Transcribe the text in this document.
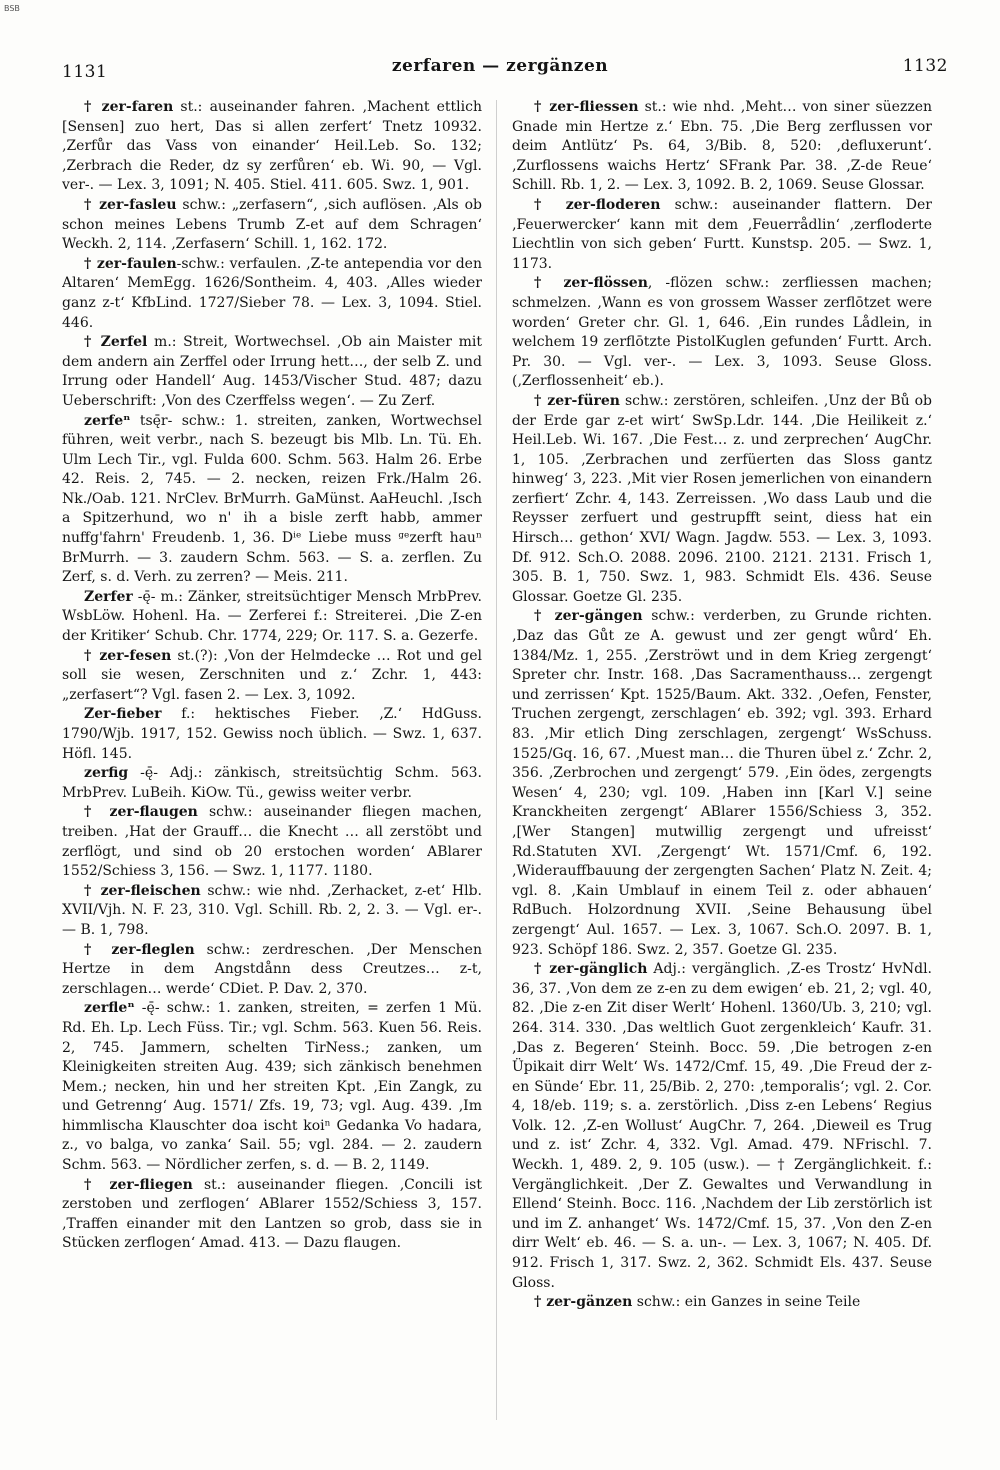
BSB
1131	zerfaren — zergänzen	1132

† zer-faren st.: auseinander fahren. ‚Machent ettlich [Sensen] zuo hert, Das si allen zerfert‘ Tnetz 10932. ‚Zerfůr das Vass von einander‘ Heil.Leb. So. 132; ‚Zerbrach die Reder, dz sy zerfůren‘ eb. Wi. 90, — Vgl. ver-. — Lex. 3, 1091; N. 405. Stiel. 411. 605. Swz. 1, 901.

† zer-fasleu schw.: „zerfasern“, ‚sich auflösen. ‚Als ob schon meines Lebens Trumb Z-et auf dem Schragen‘ Weckh. 2, 114. ‚Zerfasern‘ Schill. 1, 162. 172.

† zer-faulen-schw.: verfaulen. ‚Z-te antependia vor den Altaren‘ MemEgg. 1626/Sontheim. 4, 403. ‚Alles wieder ganz z-t‘ KfbLind. 1727/Sieber 78. — Lex. 3, 1094. Stiel. 446.

† Zerfel m.: Streit, Wortwechsel. ‚Ob ain Maister mit dem andern ain Zerffel oder Irrung hett…, der selb Z. und Irrung oder Handell‘ Aug. 1453/Vischer Stud. 487; dazu Ueberschrift: ‚Von des Czerffelss wegen‘. — Zu Zerf.

zerfeⁿ tsę̄r- schw.: 1. streiten, zanken, Wortwechsel führen, weit verbr., nach S. bezeugt bis Mlb. Ln. Tü. Eh. Ulm Lech Tir., vgl. Fulda 600. Schm. 563. Halm 26. Erbe 42. Reis. 2, 745. — 2. necken, reizen Frk./Halm 26. Nk./Oab. 121. NrClev. BrMurrh. GaMünst. AaHeuchl. ‚Isch a Spitzerhund, wo n' ih a bisle zerft habb, ammer nuffg'fahrn' Freudenb. 1, 36. Dⁱᵉ Liebe muss ᵍᵉzerft hauⁿ BrMurrh. — 3. zaudern Schm. 563. — S. a. zerflen. Zu Zerf, s. d. Verh. zu zerren? — Meis. 211.

Zerfer -ę̄- m.: Zänker, streitsüchtiger Mensch MrbPrev. WsbLöw. Hohenl. Ha. — Zerferei f.: Streiterei. ‚Die Z-en der Kritiker‘ Schub. Chr. 1774, 229; Or. 117. S. a. Gezerfe.

† zer-fesen st.(?): ‚Von der Helmdecke … Rot und gel soll sie wesen, Zerschniten und z.‘ Zchr. 1, 443: „zerfasert“? Vgl. fasen 2. — Lex. 3, 1092.

Zer-fieber f.: hektisches Fieber. ‚Z.‘ HdGuss. 1790/Wjb. 1917, 152. Gewiss noch üblich. — Swz. 1, 637. Höfl. 145.

zerfig -ę̄- Adj.: zänkisch, streitsüchtig Schm. 563. MrbPrev. LuBeih. KiOw. Tü., gewiss weiter verbr.

† zer-flaugen schw.: auseinander fliegen machen, treiben. ‚Hat der Grauff… die Knecht … all zerstöbt und zerflögt, und sind ob 20 erstochen worden‘ ABlarer 1552/Schiess 3, 156. — Swz. 1, 1177. 1180.

† zer-fleischen schw.: wie nhd. ‚Zerhacket, z-et‘ Hlb. XVII/Vjh. N. F. 23, 310. Vgl. Schill. Rb. 2, 2. 3. — Vgl. er-. — B. 1, 798.

† zer-fleglen schw.: zerdreschen. ‚Der Menschen Hertze in dem Angstdånn dess Creutzes… z-t, zerschlagen… werde‘ CDiet. P. Dav. 2, 370.

zerfleⁿ -ę̄- schw.: 1. zanken, streiten, = zerfen 1 Mü. Rd. Eh. Lp. Lech Füss. Tir.; vgl. Schm. 563. Kuen 56. Reis. 2, 745. Jammern, schelten TirNess.; zanken, um Kleinigkeiten streiten Aug. 439; sich zänkisch benehmen Mem.; necken, hin und her streiten Kpt. ‚Ein Zangk, zu und Getrenng‘ Aug. 1571/ Zfs. 19, 73; vgl. Aug. 439. ‚Im himmlischa Klauschter doa ischt koiⁿ Gedanka Vo hadara, z., vo balga, vo zanka‘ Sail. 55; vgl. 284. — 2. zaudern Schm. 563. — Nördlicher zerfen, s. d. — B. 2, 1149.

† zer-fliegen st.: auseinander fliegen. ‚Concili ist zerstoben und zerflogen‘ ABlarer 1552/Schiess 3, 157. ‚Traffen einander mit den Lantzen so grob, dass sie in Stücken zerflogen‘ Amad. 413. — Dazu flaugen.

† zer-fliessen st.: wie nhd. ‚Meht… von siner süezzen Gnade min Hertze z.‘ Ebn. 75. ‚Die Berg zerflussen vor deim Antlütz‘ Ps. 64, 3/Bib. 8, 520: ‚defluxerunt‘. ‚Zurflossens waichs Hertz‘ SFrank Par. 38. ‚Z-de Reue‘ Schill. Rb. 1, 2. — Lex. 3, 1092. B. 2, 1069. Seuse Glossar.

† zer-floderen schw.: auseinander flattern. Der ‚Feuerwercker‘ kann mit dem ‚Feuerrådlin‘ ‚zerfloderte Liechtlin von sich geben‘ Furtt. Kunstsp. 205. — Swz. 1, 1173.

† zer-flössen, -flözen schw.: zerfliessen machen; schmelzen. ‚Wann es von grossem Wasser zerflōtzet were worden‘ Greter chr. Gl. 1, 646. ‚Ein rundes Lådlein, in welchem 19 zerflōtzte PistolKuglen gefunden‘ Furtt. Arch. Pr. 30. — Vgl. ver-. — Lex. 3, 1093. Seuse Gloss. (‚Zerflossenheit‘ eb.).

† zer-füren schw.: zerstören, schleifen. ‚Unz der Bů ob der Erde gar z-et wirt‘ SwSp.Ldr. 144. ‚Die Heilikeit z.‘ Heil.Leb. Wi. 167. ‚Die Fest… z. und zerprechen‘ AugChr. 1, 105. ‚Zerbrachen und zerfüerten das Sloss gantz hinweg‘ 3, 223. ‚Mit vier Rosen jemerlichen von einandern zerfiert‘ Zchr. 4, 143. Zerreissen. ‚Wo dass Laub und die Reysser zerfuert und gestrupfft seint, diess hat ein Hirsch… gethon‘ XVI/ Wagn. Jagdw. 553. — Lex. 3, 1093. Df. 912. Sch.O. 2088. 2096. 2100. 2121. 2131. Frisch 1, 305. B. 1, 750. Swz. 1, 983. Schmidt Els. 436. Seuse Glossar. Goetze Gl. 235.

† zer-gängen schw.: verderben, zu Grunde richten. ‚Daz das Gůt ze A. gewust und zer gengt wůrd‘ Eh. 1384/Mz. 1, 255. ‚Zerströwt und in dem Krieg zergengt‘ Spreter chr. Instr. 168. ‚Das Sacramenthauss… zergengt und zerrissen‘ Kpt. 1525/Baum. Akt. 332. ‚Oefen, Fenster, Truchen zergengt, zerschlagen‘ eb. 392; vgl. 393. Erhard 83. ‚Mir etlich Ding zerschlagen, zergengt‘ WsSchuss. 1525/Gq. 16, 67. ‚Muest man… die Thuren übel z.‘ Zchr. 2, 356. ‚Zerbrochen und zergengt‘ 579. ‚Ein ödes, zergengts Wesen‘ 4, 230; vgl. 109. ‚Haben inn [Karl V.] seine Kranckheiten zergengt‘ ABlarer 1556/Schiess 3, 352. ‚[Wer Stangen] mutwillig zergengt und ufreisst‘ Rd.Statuten XVI. ‚Zergengt‘ Wt. 1571/Cmf. 6, 192. ‚Widerauffbauung der zergengten Sachen‘ Platz N. Zeit. 4; vgl. 8. ‚Kain Umblauf in einem Teil z. oder abhauen‘ RdBuch. Holzordnung XVII. ‚Seine Behausung übel zergengt‘ Aul. 1657. — Lex. 3, 1067. Sch.O. 2097. B. 1, 923. Schöpf 186. Swz. 2, 357. Goetze Gl. 235.

† zer-gänglich Adj.: vergänglich. ‚Z-es Trostz‘ HvNdl. 36, 37. ‚Von dem ze z-en zu dem ewigen‘ eb. 21, 2; vgl. 40, 82. ‚Die z-en Zit diser Werlt‘ Hohenl. 1360/Ub. 3, 210; vgl. 264. 314. 330. ‚Das weltlich Guot zergenkleich‘ Kaufr. 31. ‚Das z. Begeren‘ Steinh. Bocc. 59. ‚Die betrogen z-en Üpikait dirr Welt‘ Ws. 1472/Cmf. 15, 49. ‚Die Freud der z-en Sünde‘ Ebr. 11, 25/Bib. 2, 270: ‚temporalis‘; vgl. 2. Cor. 4, 18/eb. 119; s. a. zerstörlich. ‚Diss z-en Lebens‘ Regius Volk. 12. ‚Z-en Wollust‘ AugChr. 7, 264. ‚Dieweil es Trug und z. ist‘ Zchr. 4, 332. Vgl. Amad. 479. NFrischl. 7. Weckh. 1, 489. 2, 9. 105 (usw.). — † Zergänglichkeit. f.: Vergänglichkeit. ‚Der Z. Gewaltes und Verwandlung in Ellend‘ Steinh. Bocc. 116. ‚Nachdem der Lib zerstörlich ist und im Z. anhanget‘ Ws. 1472/Cmf. 15, 37. ‚Von den Z-en dirr Welt‘ eb. 46. — S. a. un-. — Lex. 3, 1067; N. 405. Df. 912. Frisch 1, 317. Swz. 2, 362. Schmidt Els. 437. Seuse Gloss.

† zer-gänzen schw.: ein Ganzes in seine Teile
